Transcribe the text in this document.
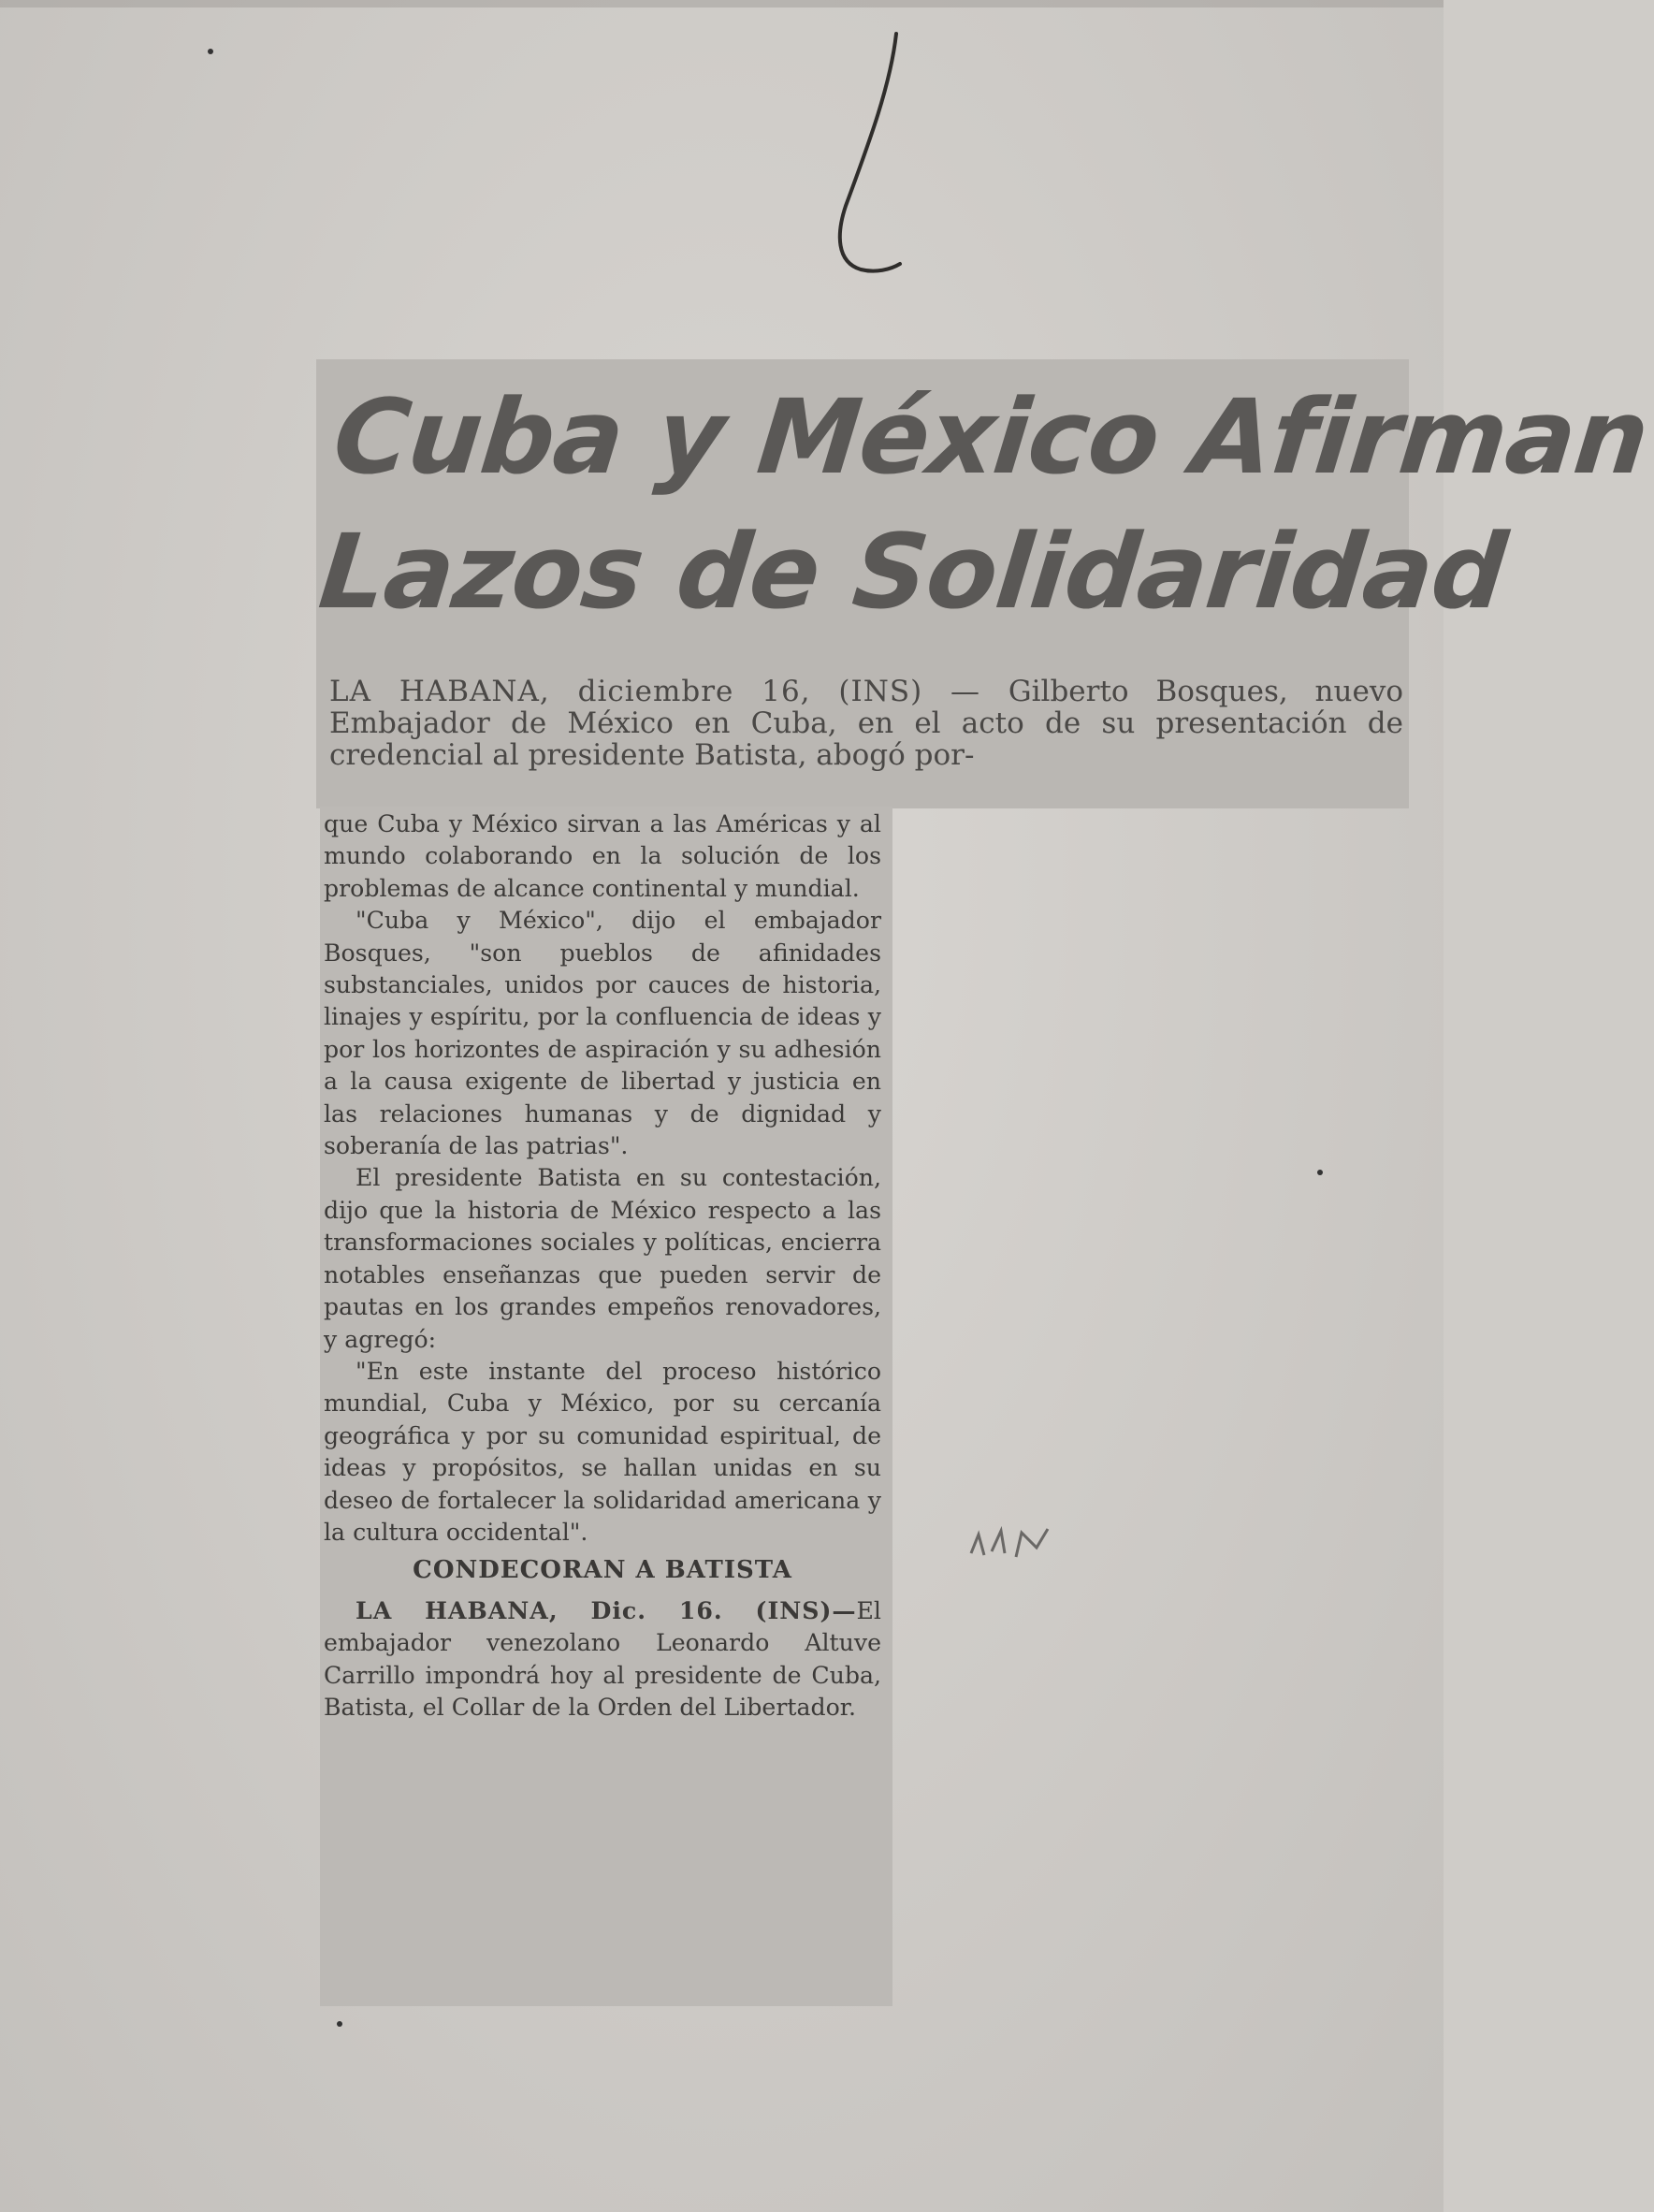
Cuba y México Afirman
Lazos de Solidaridad

LA HABANA, diciembre 16, (INS) — Gilberto Bosques, nuevo Embajador de México en Cuba, en el acto de su presentación de credencial al presidente Batista, abogó por-

que Cuba y México sirvan a las Américas y al mundo colaborando en la solución de los problemas de alcance continental y mundial.

"Cuba y México", dijo el embajador Bosques, "son pueblos de afinidades substanciales, unidos por cauces de historia, linajes y espíritu, por la confluencia de ideas y por los horizontes de aspiración y su adhesión a la causa exigente de libertad y justicia en las relaciones humanas y de dignidad y soberanía de las patrias".

El presidente Batista en su contestación, dijo que la historia de México respecto a las transformaciones sociales y políticas, encierra notables enseñanzas que pueden servir de pautas en los grandes empeños renovadores, y agregó:

"En este instante del proceso histórico mundial, Cuba y México, por su cercanía geográfica y por su comunidad espiritual, de ideas y propósitos, se hallan unidas en su deseo de fortalecer la solidaridad americana y la cultura occidental".

CONDECORAN A BATISTA

LA HABANA, Dic. 16. (INS)—El embajador venezolano Leonardo Altuve Carrillo impondrá hoy al presidente de Cuba, Batista, el Collar de la Orden del Libertador.
